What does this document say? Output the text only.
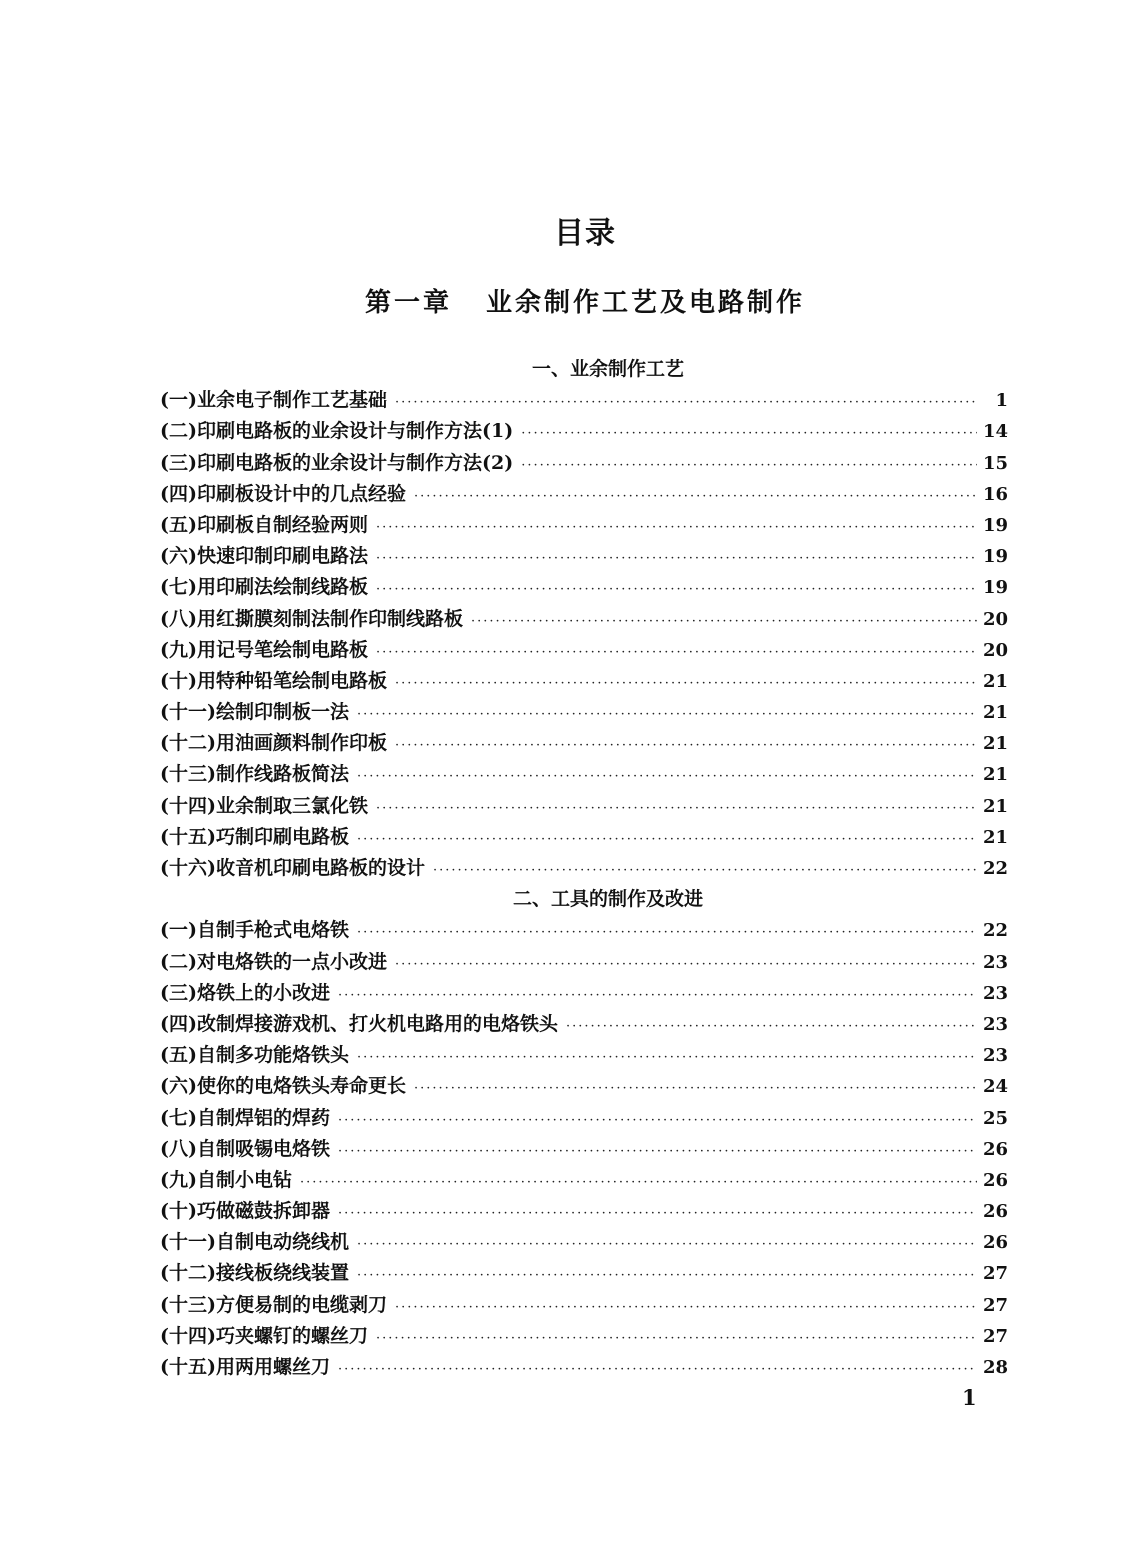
目录
第一章 业余制作工艺及电路制作
一、业余制作工艺
(一)业余电子制作工艺基础 ·····	1
(二)印刷电路板的业余设计与制作方法(1) ·····	14
(三)印刷电路板的业余设计与制作方法(2) ·····	15
(四)印刷板设计中的几点经验 ·····	16
(五)印刷板自制经验两则 ·····	19
(六)快速印制印刷电路法 ·····	19
(七)用印刷法绘制线路板 ·····	19
(八)用红撕膜刻制法制作印制线路板 ·····	20
(九)用记号笔绘制电路板 ·····	20
(十)用特种铅笔绘制电路板 ·····	21
(十一)绘制印制板一法 ·····	21
(十二)用油画颜料制作印板 ·····	21
(十三)制作线路板简法 ·····	21
(十四)业余制取三氯化铁 ·····	21
(十五)巧制印刷电路板 ·····	21
(十六)收音机印刷电路板的设计 ·····	22
二、工具的制作及改进
(一)自制手枪式电烙铁 ·····	22
(二)对电烙铁的一点小改进 ·····	23
(三)烙铁上的小改进 ·····	23
(四)改制焊接游戏机、打火机电路用的电烙铁头 ·····	23
(五)自制多功能烙铁头 ·····	23
(六)使你的电烙铁头寿命更长 ·····	24
(七)自制焊铝的焊药 ·····	25
(八)自制吸锡电烙铁 ·····	26
(九)自制小电钻 ·····	26
(十)巧做磁鼓拆卸器 ·····	26
(十一)自制电动绕线机 ·····	26
(十二)接线板绕线装置 ·····	27
(十三)方便易制的电缆剥刀 ·····	27
(十四)巧夹螺钉的螺丝刀 ·····	27
(十五)用两用螺丝刀 ·····	28
1
